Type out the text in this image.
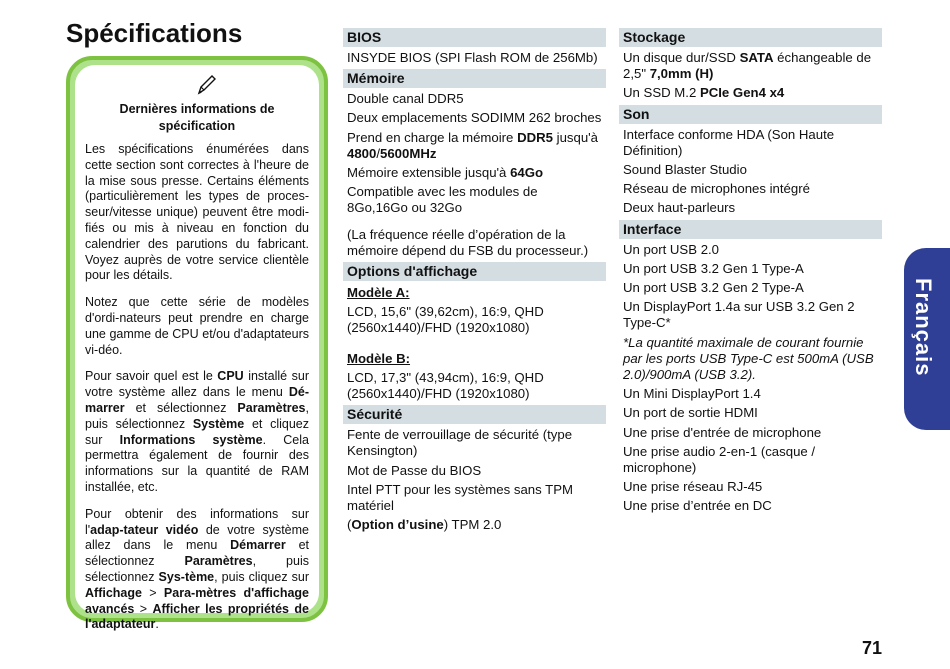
Spécifications
Dernières informations de spécification

Les spécifications énumérées dans cette section sont correctes à l'heure de la mise sous presse. Certains éléments (particulièrement les types de proces-seur/vitesse unique) peuvent être modi-fiés ou mis à niveau en fonction du calendrier des parutions du fabricant. Voyez auprès de votre service clientèle pour les détails.

Notez que cette série de modèles d'ordi-nateurs peut prendre en charge une gamme de CPU et/ou d'adaptateurs vi-déo.

Pour savoir quel est le CPU installé sur votre système allez dans le menu Dé-marrer et sélectionnez Paramètres, puis sélectionnez Système et cliquez sur Informations système. Cela permettra également de fournir des informations sur la quantité de RAM installée, etc.

Pour obtenir des informations sur l'adap-tateur vidéo de votre système allez dans le menu Démarrer et sélectionnez Paramètres, puis sélectionnez Sys-tème, puis cliquez sur Affichage > Para-mètres d'affichage avancés > Afficher les propriétés de l'adaptateur.

BIOS
INSYDE BIOS (SPI Flash ROM de 256Mb)
Mémoire
Double canal DDR5
Deux emplacements SODIMM 262 broches
Prend en charge la mémoire DDR5 jusqu'à 4800/5600MHz
Mémoire extensible jusqu'à 64Go
Compatible avec les modules de 8Go,16Go ou 32Go
(La fréquence réelle d’opération de la mémoire dépend du FSB du processeur.)
Options d'affichage
Modèle A:
LCD, 15,6" (39,62cm), 16:9, QHD (2560x1440)/FHD (1920x1080)
Modèle B:
LCD, 17,3" (43,94cm), 16:9, QHD (2560x1440)/FHD (1920x1080)
Sécurité
Fente de verrouillage de sécurité (type Kensington)
Mot de Passe du BIOS
Intel PTT pour les systèmes sans TPM matériel
(Option d’usine) TPM 2.0
Stockage
Un disque dur/SSD SATA échangeable de 2,5" 7,0mm (H)
Un SSD M.2 PCIe Gen4 x4
Son
Interface conforme HDA (Son Haute Définition)
Sound Blaster Studio
Réseau de microphones intégré
Deux haut-parleurs
Interface
Un port USB 2.0
Un port USB 3.2 Gen 1 Type-A
Un port USB 3.2 Gen 2 Type-A
Un DisplayPort 1.4a sur USB 3.2 Gen 2 Type-C*
*La quantité maximale de courant fournie par les ports USB Type-C est 500mA (USB 2.0)/900mA (USB 3.2).
Un Mini DisplayPort 1.4
Un port de sortie HDMI
Une prise d'entrée de microphone
Une prise audio 2-en-1 (casque / microphone)
Une prise réseau RJ-45
Une prise d’entrée en DC
Français
71
